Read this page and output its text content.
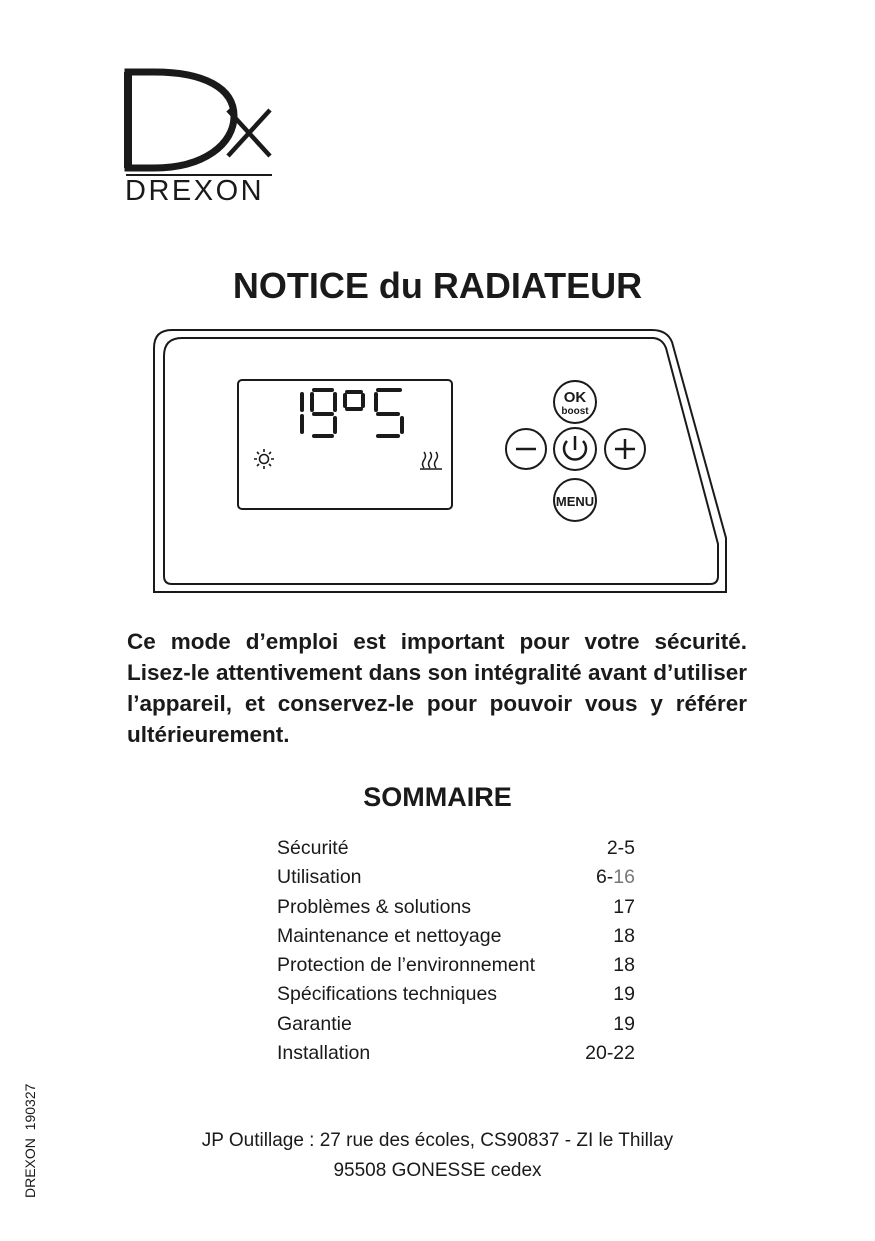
DREXON
NOTICE du RADIATEUR
OK
boost
MENU

Ce mode d’emploi est important pour votre sécurité. Lisez-le attentivement dans son intégralité avant d’utiliser l’appareil, et conservez-le pour pouvoir vous y référer ultérieurement.

SOMMAIRE
Sécurité	2-5
Utilisation	6-16
Problèmes & solutions	17
Maintenance et nettoyage	18
Protection de l’environnement	18
Spécifications techniques	19
Garantie	19
Installation	20-22
JP Outillage : 27 rue des écoles, CS90837 - ZI le Thillay
95508 GONESSE cedex
DREXON  190327
